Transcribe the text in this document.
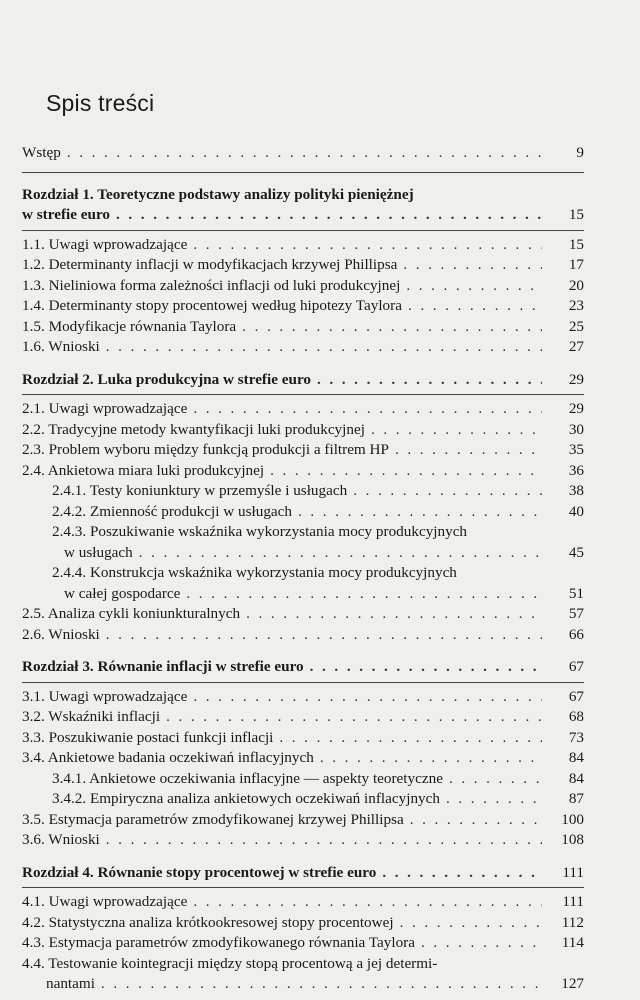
Spis treści
Wstęp . . .	9
Rozdział 1. Teoretyczne podstawy analizy polityki pieniężnej
w strefie euro . . .	15
1.1. Uwagi wprowadzające . . .	15
1.2. Determinanty inflacji w modyfikacjach krzywej Phillipsa . . .	17
1.3. Nieliniowa forma zależności inflacji od luki produkcyjnej . . .	20
1.4. Determinanty stopy procentowej według hipotezy Taylora . . .	23
1.5. Modyfikacje równania Taylora . . .	25
1.6. Wnioski . . .	27
Rozdział 2. Luka produkcyjna w strefie euro . . .	29
2.1. Uwagi wprowadzające . . .	29
2.2. Tradycyjne metody kwantyfikacji luki produkcyjnej . . .	30
2.3. Problem wyboru między funkcją produkcji a filtrem HP . . .	35
2.4. Ankietowa miara luki produkcyjnej . . .	36
2.4.1. Testy koniunktury w przemyśle i usługach . . .	38
2.4.2. Zmienność produkcji w usługach . . .	40
2.4.3. Poszukiwanie wskaźnika wykorzystania mocy produkcyjnych
w usługach . . .	45
2.4.4. Konstrukcja wskaźnika wykorzystania mocy produkcyjnych
w całej gospodarce . . .	51
2.5. Analiza cykli koniunkturalnych . . .	57
2.6. Wnioski . . .	66
Rozdział 3. Równanie inflacji w strefie euro . . .	67
3.1. Uwagi wprowadzające . . .	67
3.2. Wskaźniki inflacji . . .	68
3.3. Poszukiwanie postaci funkcji inflacji . . .	73
3.4. Ankietowe badania oczekiwań inflacyjnych . . .	84
3.4.1. Ankietowe oczekiwania inflacyjne — aspekty teoretyczne . . .	84
3.4.2. Empiryczna analiza ankietowych oczekiwań inflacyjnych . . .	87
3.5. Estymacja parametrów zmodyfikowanej krzywej Phillipsa . . .	100
3.6. Wnioski . . .	108
Rozdział 4. Równanie stopy procentowej w strefie euro . . .	111
4.1. Uwagi wprowadzające . . .	111
4.2. Statystyczna analiza krótkookresowej stopy procentowej . . .	112
4.3. Estymacja parametrów zmodyfikowanego równania Taylora . . .	114
4.4. Testowanie kointegracji między stopą procentową a jej determi-
nantami . . .	127
